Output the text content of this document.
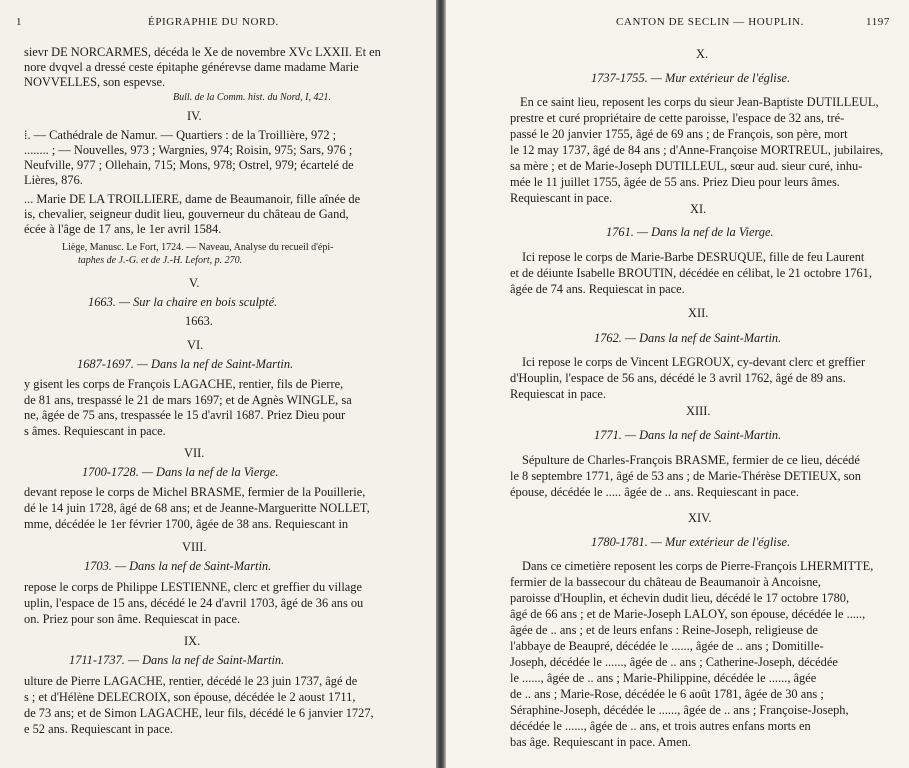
1	ÉPIGRAPHIE DU NORD.
sievr DE NORCARMES, décéda le Xe de novembre XVc LXXII. Et en
nore dvqvel a dressé ceste épitaphe générevse dame madame Marie
NOVVELLES, son espevse.
Bull. de la Comm. hist. du Nord, I, 421.
IV.
⁞. — Cathédrale de Namur. — Quartiers : de la Troillière, 972 ;
........ ; — Nouvelles, 973 ; Wargnies, 974; Roisin, 975; Sars, 976 ;
Neufville, 977 ; Ollehain, 715; Mons, 978; Ostrel, 979; écartelé de
Lières, 876.
... Marie DE LA TROILLIERE, dame de Beaumanoir, fille aînée de
is, chevalier, seigneur dudit lieu, gouverneur du château de Gand,
écée à l'âge de 17 ans, le 1er avril 1584.
Liège, Manusc. Le Fort, 1724. — Naveau, Analyse du recueil d'épi-
taphes de J.-G. et de J.-H. Lefort, p. 270.
V.
1663. — Sur la chaire en bois sculpté.
1663.
VI.
1687-1697. — Dans la nef de Saint-Martin.
y gisent les corps de François LAGACHE, rentier, fils de Pierre,
de 81 ans, trespassé le 21 de mars 1697; et de Agnès WINGLE, sa
ne, âgée de 75 ans, trespassée le 15 d'avril 1687. Priez Dieu pour
s âmes. Requiescant in pace.
VII.
1700-1728. — Dans la nef de la Vierge.
devant repose le corps de Michel BRASME, fermier de la Pouillerie,
dé le 14 juin 1728, âgé de 68 ans; et de Jeanne-Margueritte NOLLET,
mme, décédée le 1er février 1700, âgée de 38 ans. Requiescant in
VIII.
1703. — Dans la nef de Saint-Martin.
repose le corps de Philippe LESTIENNE, clerc et greffier du village
uplin, l'espace de 15 ans, décédé le 24 d'avril 1703, âgé de 36 ans ou
on. Priez pour son âme. Requiescat in pace.
IX.
1711-1737. — Dans la nef de Saint-Martin.
ulture de Pierre LAGACHE, rentier, décédé le 23 juin 1737, âgé de
s ; et d'Hélène DELECROIX, son épouse, décédée le 2 aoust 1711,
de 73 ans; et de Simon LAGACHE, leur fils, décédé le 6 janvier 1727,
e 52 ans. Requiescant in pace.
CANTON DE SECLIN — HOUPLIN.	1197
X.
1737-1755. — Mur extérieur de l'église.
En ce saint lieu, reposent les corps du sieur Jean-Baptiste DUTILLEUL,
prestre et curé propriétaire de cette paroisse, l'espace de 32 ans, tré-
passé le 20 janvier 1755, âgé de 69 ans ; de François, son père, mort
le 12 may 1737, âgé de 84 ans ; d'Anne-Françoise MORTREUL, jubilaires,
sa mère ; et de Marie-Joseph DUTILLEUL, sœur aud. sieur curé, inhu-
mée le 11 juillet 1755, âgée de 55 ans. Priez Dieu pour leurs âmes.
Requiescant in pace.
XI.
1761. — Dans la nef de la Vierge.
Ici repose le corps de Marie-Barbe DESRUQUE, fille de feu Laurent
et de déiunte Isabelle BROUTIN, décédée en célibat, le 21 octobre 1761,
âgée de 74 ans. Requiescat in pace.
XII.
1762. — Dans la nef de Saint-Martin.
Ici repose le corps de Vincent LEGROUX, cy-devant clerc et greffier
d'Houplin, l'espace de 56 ans, décédé le 3 avril 1762, âgé de 89 ans.
Requiescat in pace.
XIII.
1771. — Dans la nef de Saint-Martin.
Sépulture de Charles-François BRASME, fermier de ce lieu, décédé
le 8 septembre 1771, âgé de 53 ans ; de Marie-Thérèse DETIEUX, son
épouse, décédée le ..... âgée de .. ans. Requiescant in pace.
XIV.
1780-1781. — Mur extérieur de l'église.
Dans ce cimetière reposent les corps de Pierre-François LHERMITTE,
fermier de la bassecour du château de Beaumanoir à Ancoisne,
paroisse d'Houplin, et échevin dudit lieu, décédé le 17 octobre 1780,
âgé de 66 ans ; et de Marie-Joseph LALOY, son épouse, décédée le .....,
âgée de .. ans ; et de leurs enfans : Reine-Joseph, religieuse de
l'abbaye de Beaupré, décédée le ......, âgée de .. ans ; Domitille-
Joseph, décédée le ......, âgée de .. ans ; Catherine-Joseph, décédée
le ......, âgée de .. ans ; Marie-Philippine, décédée le ......, âgée
de .. ans ; Marie-Rose, décédée le 6 août 1781, âgée de 30 ans ;
Séraphine-Joseph, décédée le ......, âgée de .. ans ; Françoise-Joseph,
décédée le ......, âgée de .. ans, et trois autres enfans morts en
bas âge. Requiescant in pace. Amen.
